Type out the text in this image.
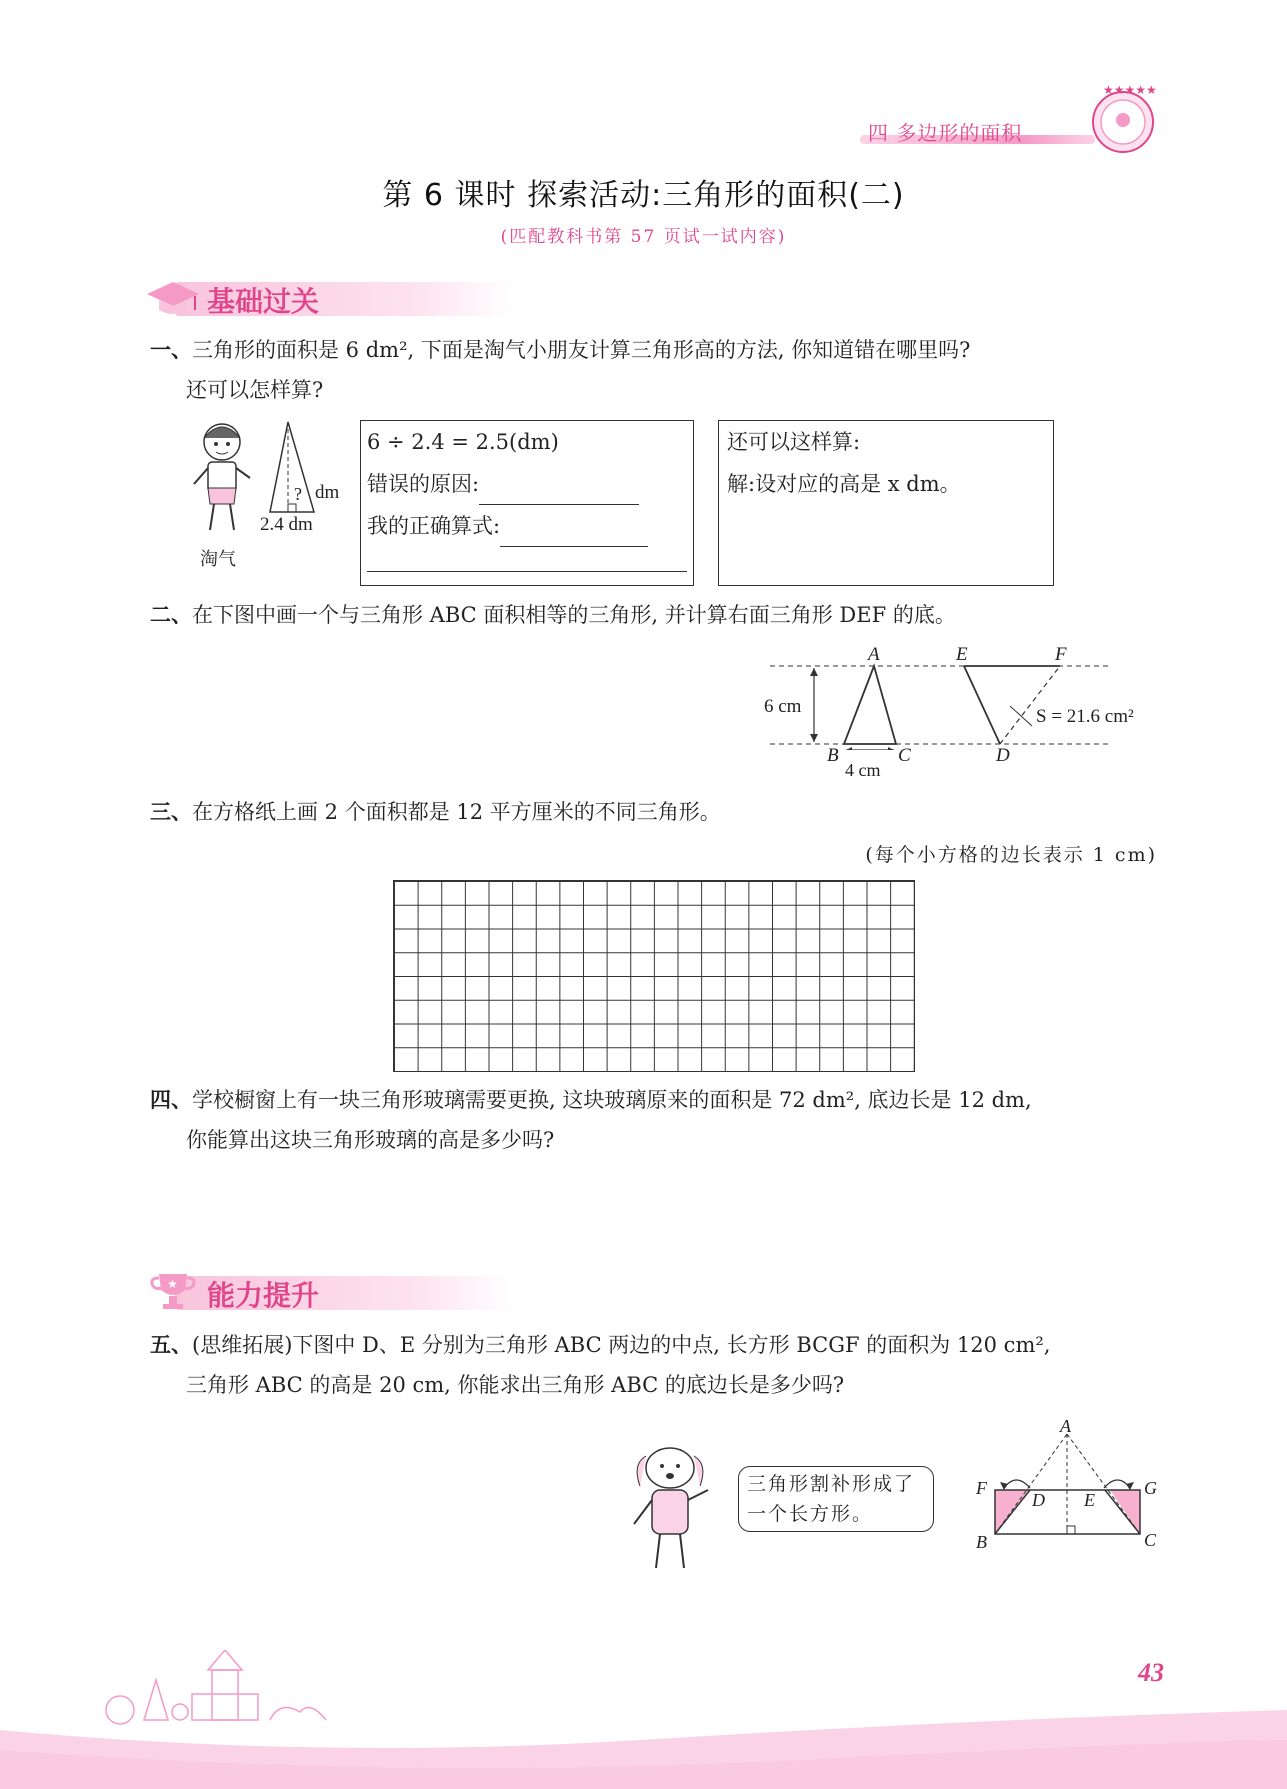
★★★★★
四 多边形的面积
第 6 课时 探索活动:三角形的面积(二)
(匹配教科书第 57 页试一试内容)
基础过关
一、三角形的面积是 6 dm², 下面是淘气小朋友计算三角形高的方法, 你知道错在哪里吗?
还可以怎样算?
淘气
? dm
2.4 dm
6 ÷ 2.4 = 2.5(dm)
错误的原因:
我的正确算式:
还可以这样算:
解:设对应的高是 x dm。
二、在下图中画一个与三角形 ABC 面积相等的三角形, 并计算右面三角形 DEF 的底。
6 cm
4 cm
A
B	C
E	F
D
S = 21.6 cm²
三、在方格纸上画 2 个面积都是 12 平方厘米的不同三角形。
(每个小方格的边长表示 1 cm)
四、学校橱窗上有一块三角形玻璃需要更换, 这块玻璃原来的面积是 72 dm², 底边长是 12 dm,
你能算出这块三角形玻璃的高是多少吗?
★ 能力提升
五、(思维拓展)下图中 D、E 分别为三角形 ABC 两边的中点, 长方形 BCGF 的面积为 120 cm²,
三角形 ABC 的高是 20 cm, 你能求出三角形 ABC 的底边长是多少吗?
三角形割补形成了
一个长方形。
A
F
D E
G
B	C
43
